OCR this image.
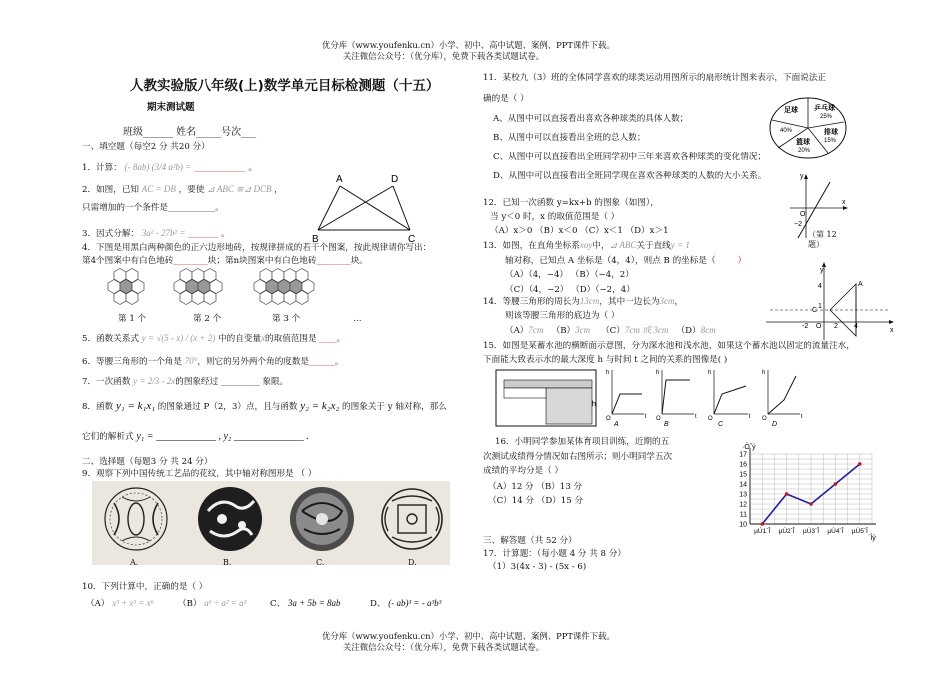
优分库（www.youfenku.cn）小学、初中、高中试题、案例、PPT课件下载。
关注微信公众号：（优分库），免费下载各类试题试卷。
人教实验版八年级(上)数学单元目标检测题（十五）
期末测试题
班级______ 姓名_____号次___
一、填空题（每空2 分 共20 分）
1．计算： (- 8ab) (3/4 a²b) = ____________ 。
2．如图，已知 AC = DB ，要使 ⊿ ABC ≌⊿ DCB ，
只需增加的一个条件是___________。
A	D
B	C
3．因式分解： 3a² - 27b² = _______ 。
4．下图是用黑白两种颜色的正六边形地砖，按规律拼成的若干个图案，按此规律请你写出：
第4个图案中有白色地砖________块；第n块图案中有白色地砖________块。
第 1 个	第 2 个	第 3 个	…
5．函数关系式 y = √(5 - x) / (x + 2) 中的自变量x的取值范围是 ____。
6．等腰三角形的一个角是 70°，则它的另外两个角的度数是______。
7．一次函数 y = 2/3 - 2x的图象经过 _________ 象限。
8．函数 y₁ = k₁x₁ 的图象通过 P（2，3）点，且与函数 y₂ = k₂x₂ 的图象关于 y 轴对称，那么
它们的解析式 y₁ = ____________ , y₂ ______________ .
二、选择题（每题3 分 共 24 分）
9．观察下列中国传统工艺品的花纹，其中轴对称图形是 （ ）
A.	B.	C.	D.
10．下列计算中，正确的是（ ）
（A） x³ + x³ = x⁶	（B） a⁶ ÷ a² = a³	C、 3a + 5b = 8ab	D、 (- ab)³ = - a³b³
11．某校九（3）班的全体同学喜欢的球类运动用图所示的扇形统计图来表示，下面说法正
确的是（ ）
A、从图中可以直接看出喜欢各种球类的具体人数；
B、从图中可以直接看出全班的总人数；
C、从图中可以直接看出全班同学初中三年来喜欢各种球类的变化情况；
D、从图中可以直接看出全班同学现在喜欢各种球类的人数的大小关系。
足球 乒乓球
25%
排球
15%
篮球
20%
40%
12．已知一次函数 y=kx+b 的图象（如图），
当 y＜0 时，x 的取值范围是（ ）
（A）x＞0 （B）x＜0 （C）x＜1 （D）x＞1
y
x
O
−2
（第 12 题）
13．如图，在直角坐标系xoy中，⊿ ABC关于直线y = 1
轴对称，已知点 A 坐标是（4，4），则点 B 的坐标是（	）
（A）（4，−4） （B）（−4，2）
（C）（4，−2） （D）（−2，4）
y
x
A
C
O
4
2
-2	4
1
14．等腰三角形的周长为13cm，其中一边长为3cm，
则该等腰三角形的底边为（ ）
（A）7cm （B）3cm （C）7cm 或 3cm （D）8cm
15．如图是某蓄水池的横断面示意图，分为深水池和浅水池，如果这个蓄水池以固定的流量注水，
下面能大致表示水的最大深度 h 与时间 t 之间的关系的图像是( )
h
h	h	h	h
O	O	O	O
t	t	t	t
A	B	C	D
16．小明同学参加某体育项目训练，近期的五
次测试成绩得分情况如右图所示；则小明同学五次
成绩的平均分是（ ）
（A）12 分 （B）13 分
（C）14 分 （D）15 分
10
11
12
13
14
15
16
17
µÚ1´Î µÚ2´Î µÚ3´Î µÚ4´Î µÚ5´Î
·Ö˝ý
´Îý
三、解答题（共 52 分）
17．计算题：（每小题 4 分 共 8 分）
（1）3(4x - 3) - (5x - 6)
优分库（www.youfenku.cn）小学、初中、高中试题、案例、PPT课件下载。
关注微信公众号：（优分库），免费下载各类试题试卷。
